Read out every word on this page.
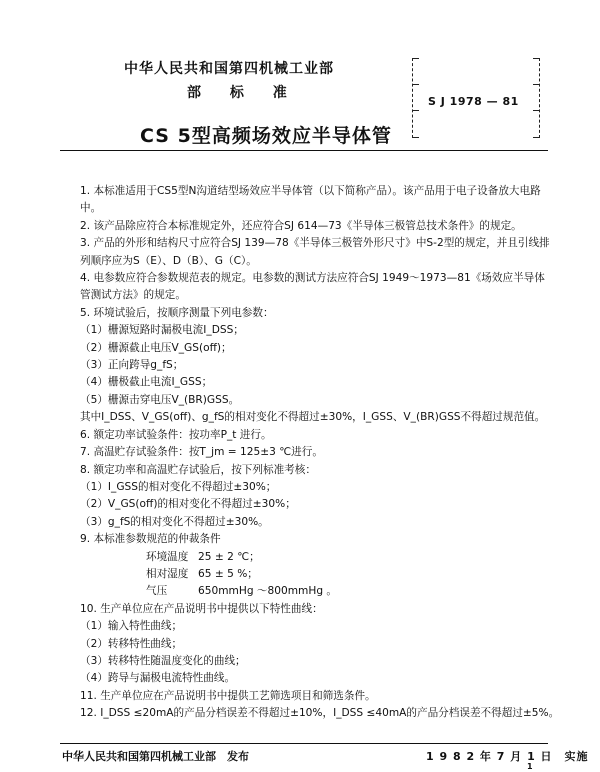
中华人民共和国第四机械工业部
部 标 准
S J 1978 — 81
CS 5型高频场效应半导体管

1. 本标准适用于CS5型N沟道结型场效应半导体管（以下简称产品）。该产品用于电子设备放大电路中。

2. 该产品除应符合本标准规定外，还应符合SJ 614—73《半导体三极管总技术条件》的规定。

3. 产品的外形和结构尺寸应符合SJ 139—78《半导体三极管外形尺寸》中S-2型的规定，并且引线排列顺序应为S（E）、D（B）、G（C）。

4. 电参数应符合参数规范表的规定。电参数的测试方法应符合SJ 1949～1973—81《场效应半导体管测试方法》的规定。

5. 环境试验后，按顺序测量下列电参数：

（1）栅源短路时漏极电流I_DSS；

（2）栅源截止电压V_GS(off)；

（3）正向跨导g_fS；

（4）栅极截止电流I_GSS；

（5）栅源击穿电压V_(BR)GSS。

其中I_DSS、V_GS(off)、g_fS的相对变化不得超过±30%，I_GSS、V_(BR)GSS不得超过规范值。

6. 额定功率试验条件：按功率P_t 进行。

7. 高温贮存试验条件：按T_jm = 125±3 ℃进行。

8. 额定功率和高温贮存试验后，按下列标准考核：

（1）I_GSS的相对变化不得超过±30%；

（2）V_GS(off)的相对变化不得超过±30%；

（3）g_fS的相对变化不得超过±30%。

9. 本标准参数规范的仲裁条件

环境温度 25 ± 2 ℃；
相对湿度 65 ± 5 %；
气压	650mmHg ～800mmHg 。

10. 生产单位应在产品说明书中提供以下特性曲线：

（1）输入特性曲线；

（2）转移特性曲线；

（3）转移特性随温度变化的曲线；

（4）跨导与漏极电流特性曲线。

11. 生产单位应在产品说明书中提供工艺筛选项目和筛选条件。

12. I_DSS ≤20mA的产品分档误差不得超过±10%，I_DSS ≤40mA的产品分档误差不得超过±5%。

中华人民共和国第四机械工业部　发布	1 9 8 2 年 7 月 1 日　实施
1
